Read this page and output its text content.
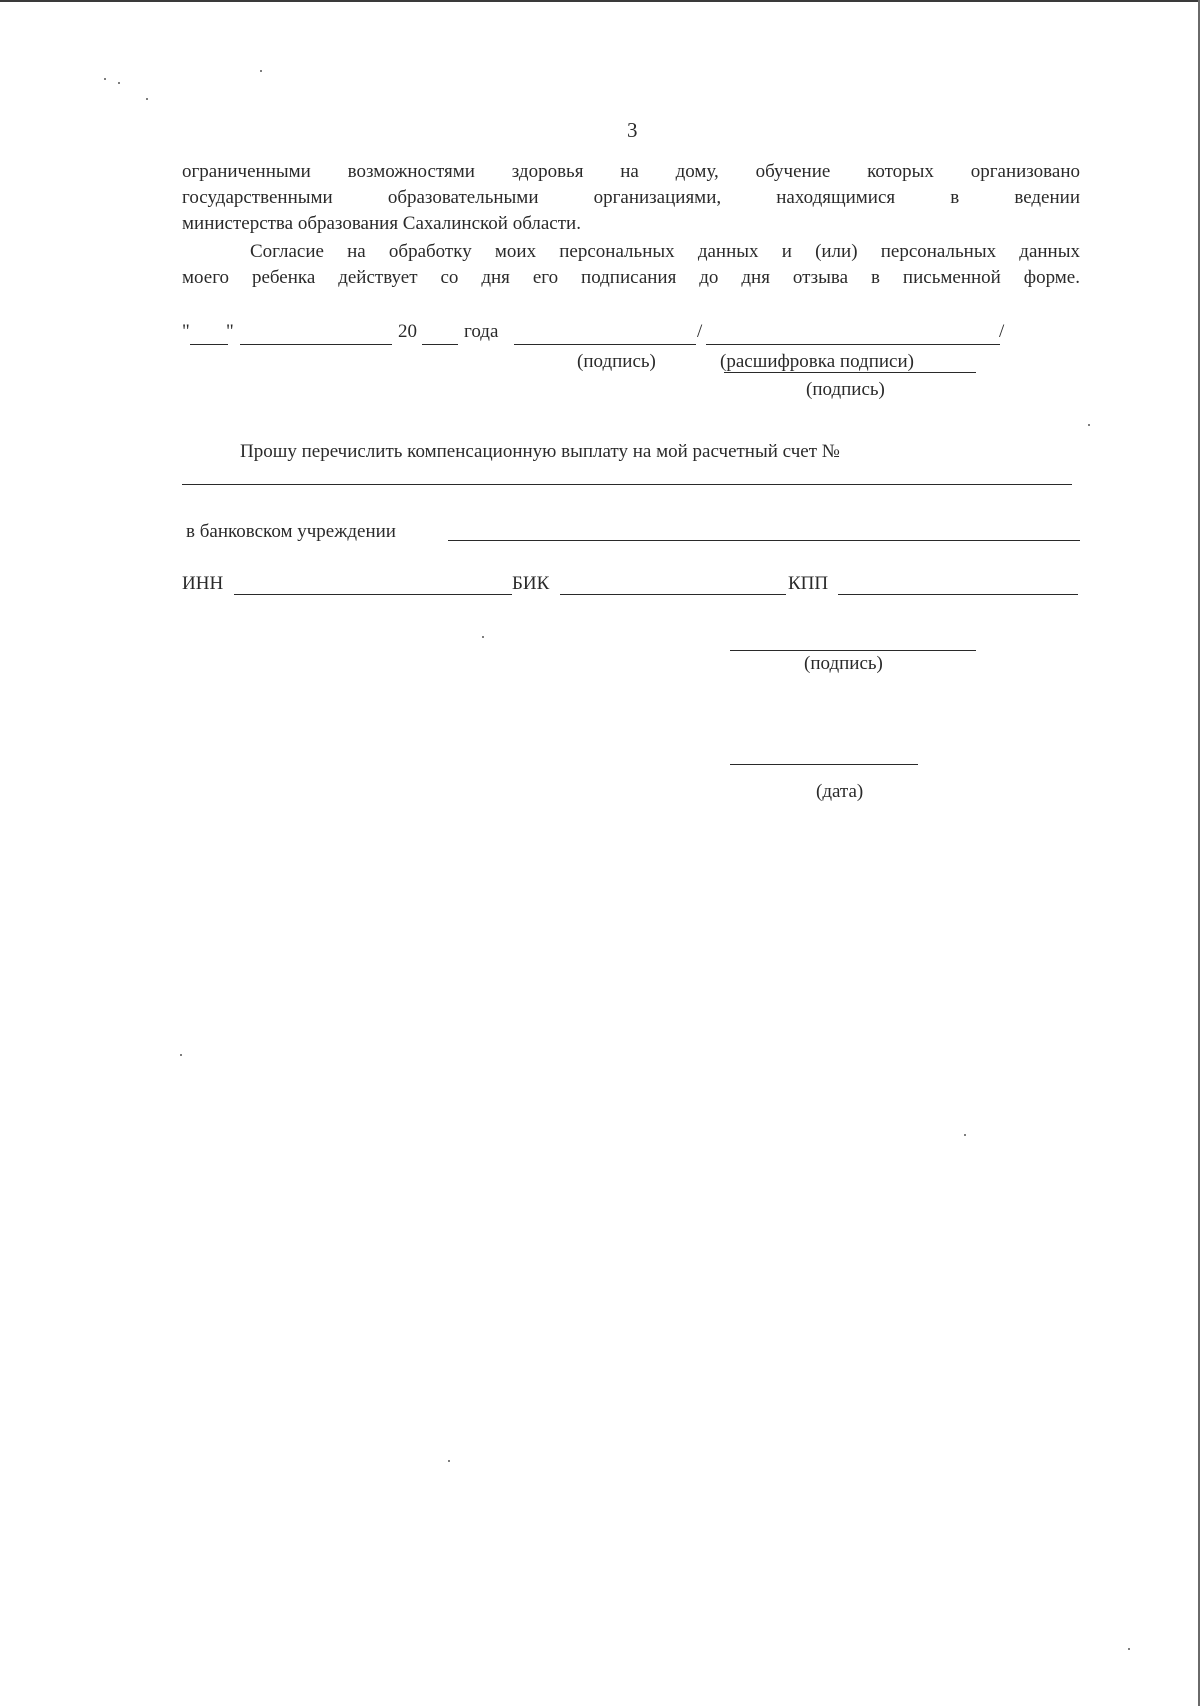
3
ограниченными возможностями здоровья на дому, обучение которых организовано
государственными образовательными организациями, находящимися в ведении
министерства образования Сахалинской области.
Согласие на обработку моих персональных данных и (или) персональных данных
моего ребенка действует со дня его подписания до дня отзыва в письменной форме.
" "	20 года	/	/
(подпись)	(расшифровка подписи)
(подпись)
Прошу перечислить компенсационную выплату на мой расчетный счет №
в банковском учреждении
ИНН	БИК	КПП
(подпись)
(дата)
